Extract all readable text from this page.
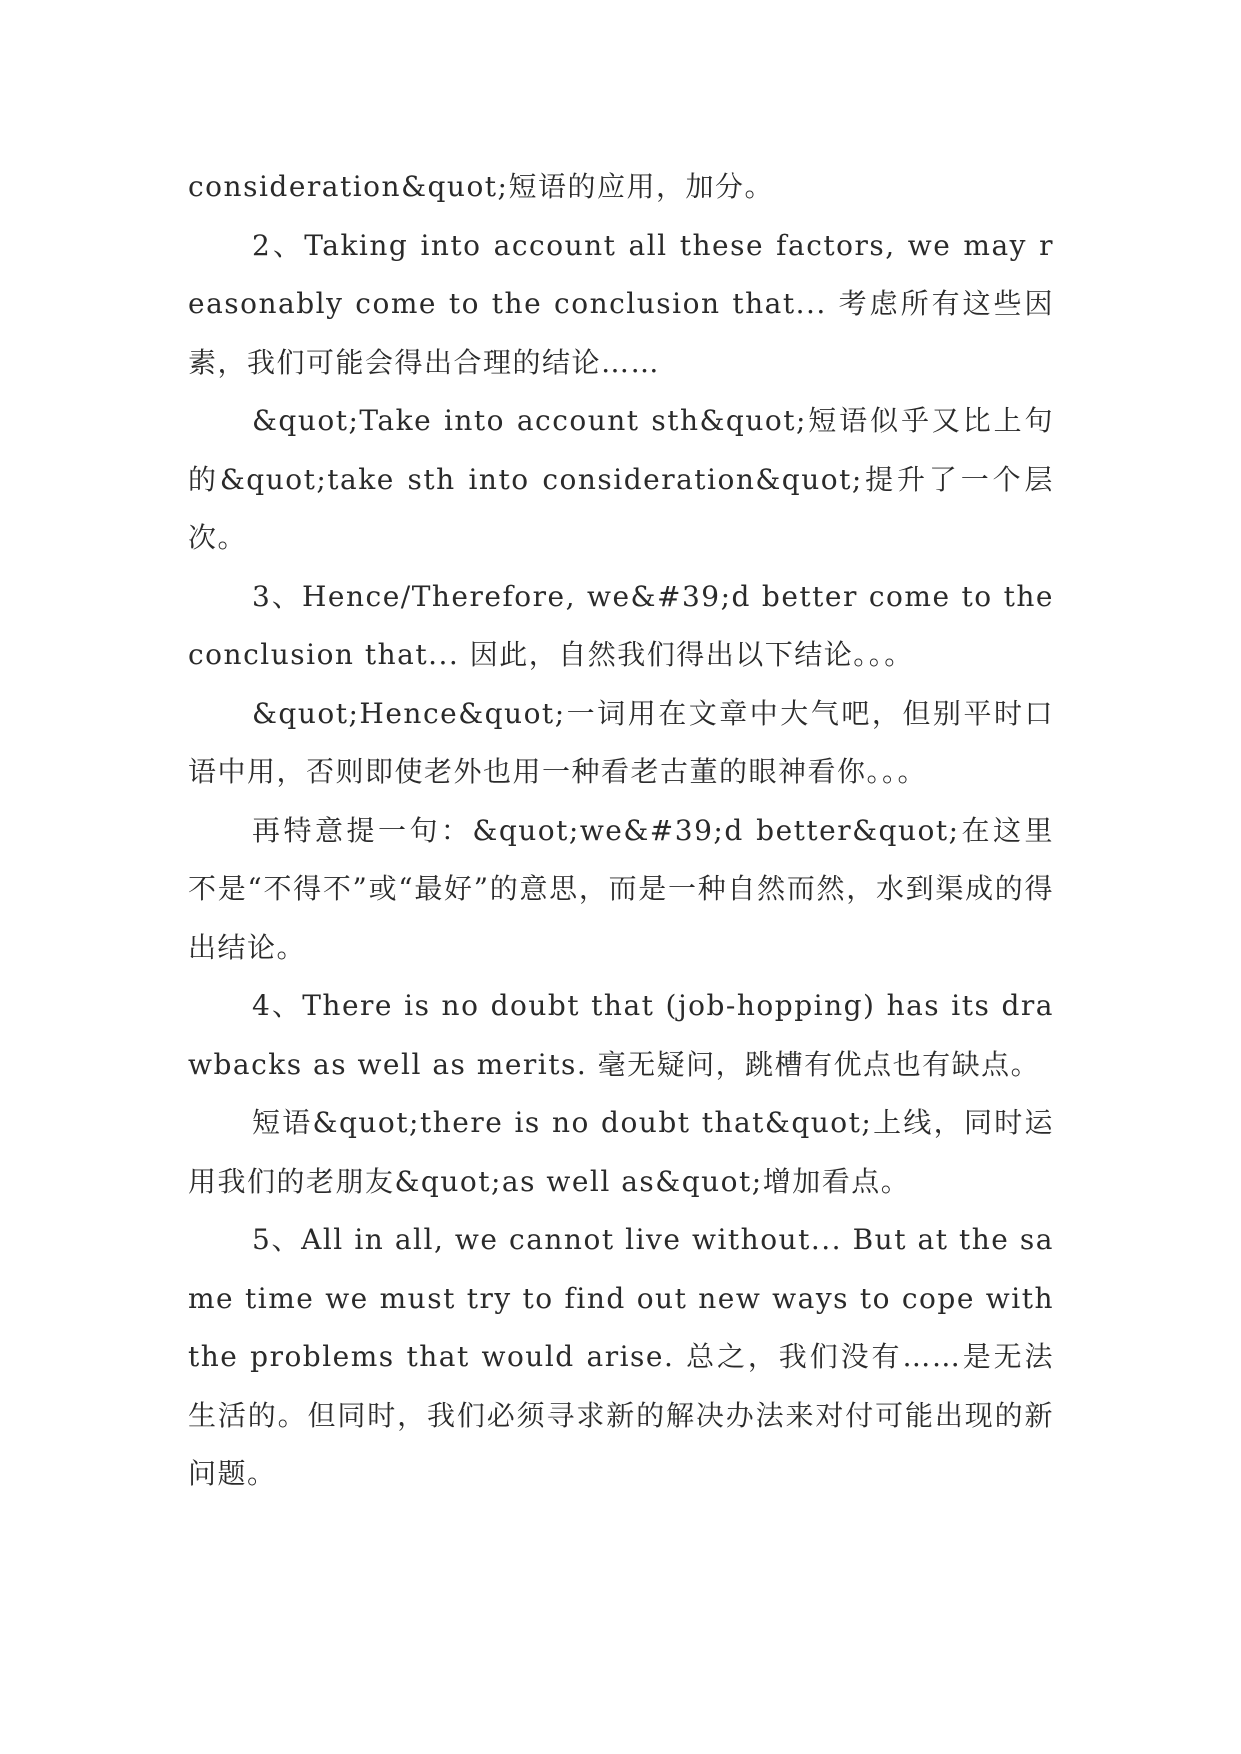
consideration&quot;短语的应用，加分。

2、Taking into account all these factors, we may reasonably come to the conclusion that... 考虑所有这些因素，我们可能会得出合理的结论……

&quot;Take into account sth&quot;短语似乎又比上句的&quot;take sth into consideration&quot;提升了一个层次。

3、Hence/Therefore, we&#39;d better come to the conclusion that... 因此，自然我们得出以下结论。。。

&quot;Hence&quot;一词用在文章中大气吧，但别平时口语中用，否则即使老外也用一种看老古董的眼神看你。。。

再特意提一句：&quot;we&#39;d better&quot;在这里不是“不得不”或“最好”的意思，而是一种自然而然，水到渠成的得出结论。

4、There is no doubt that (job-hopping) has its drawbacks as well as merits. 毫无疑问，跳槽有优点也有缺点。

短语&quot;there is no doubt that&quot;上线，同时运用我们的老朋友&quot;as well as&quot;增加看点。

5、All in all, we cannot live without... But at the same time we must try to find out new ways to cope with the problems that would arise. 总之，我们没有……是无法生活的。但同时，我们必须寻求新的解决办法来对付可能出现的新问题。
